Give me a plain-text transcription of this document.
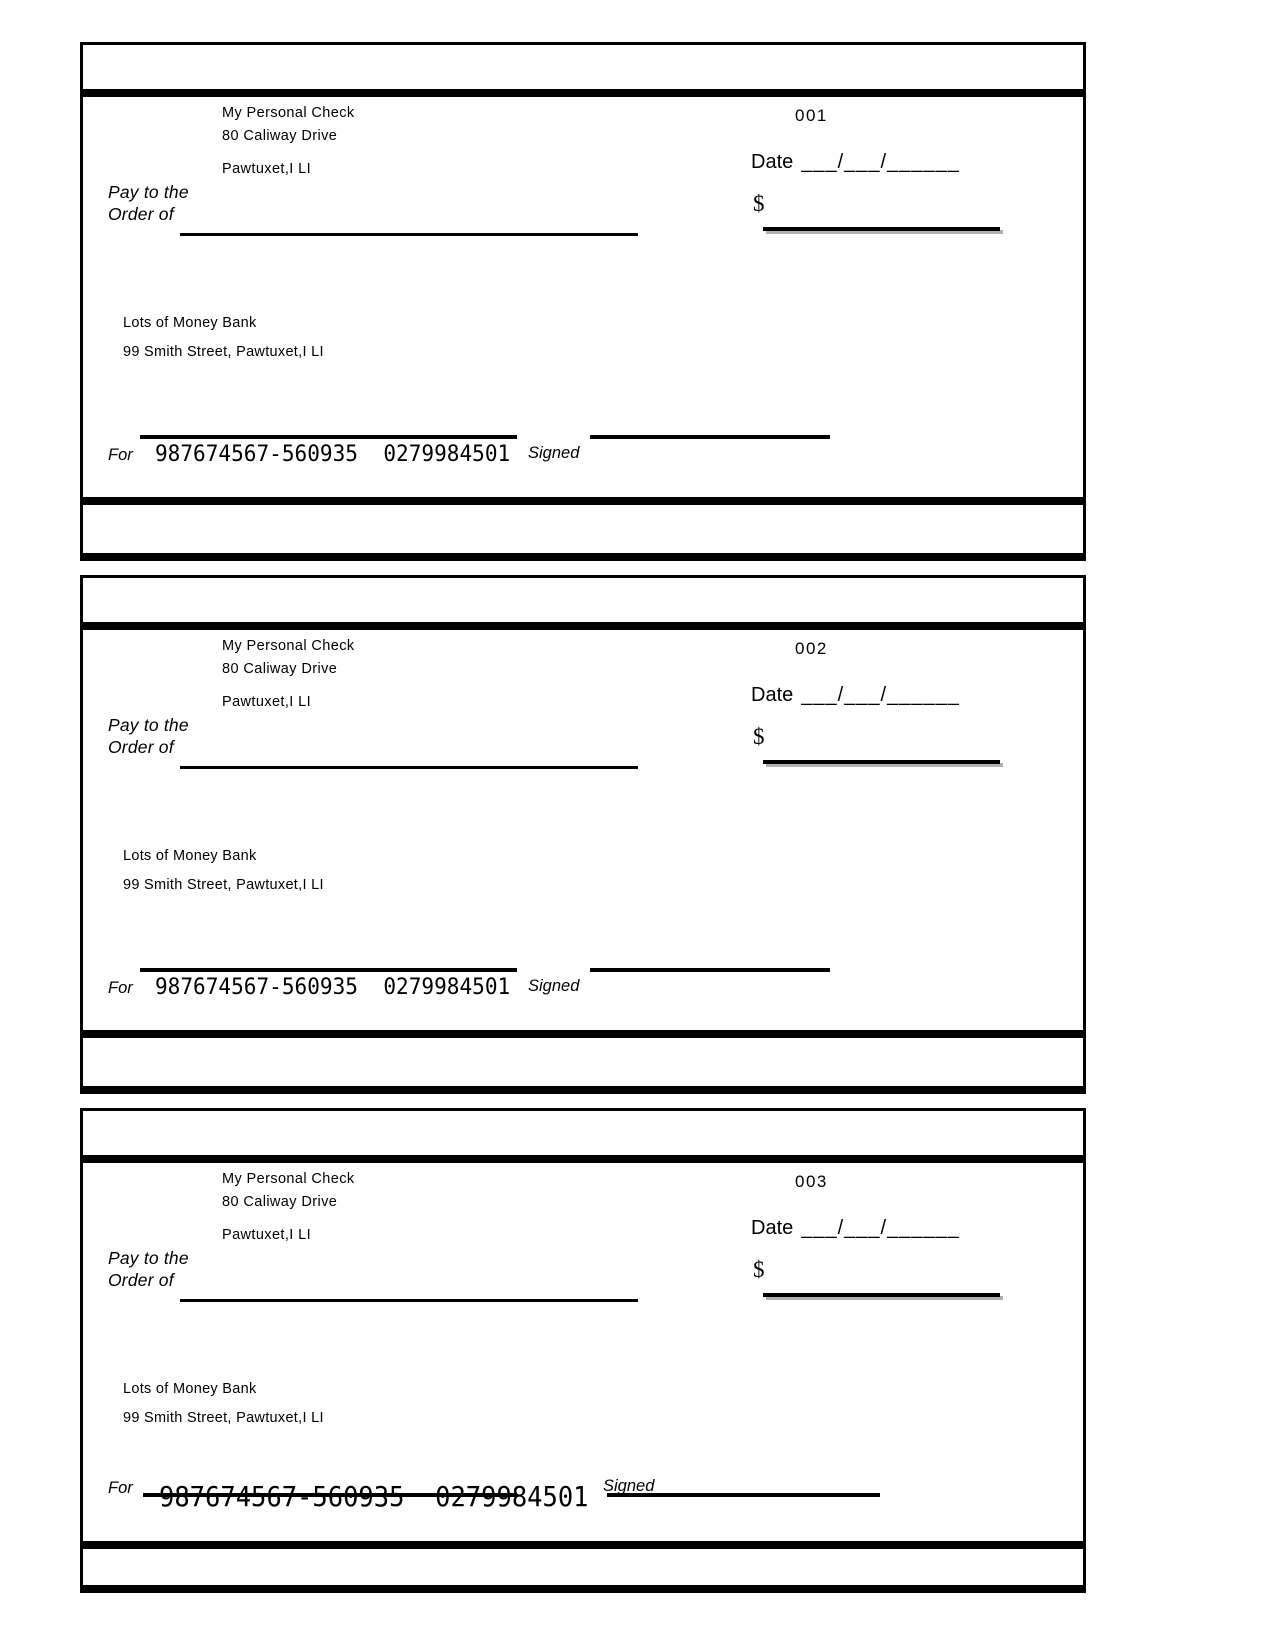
My Personal Check
80 Caliway Drive
Pawtuxet,I LI
001
Date ___/___/______
Pay to the
Order of	$
Lots of Money Bank
99 Smith Street, Pawtuxet,I LI
For 987674567-560935  0279984501 Signed
My Personal Check
80 Caliway Drive
Pawtuxet,I LI
002
Date ___/___/______
Pay to the
Order of	$
Lots of Money Bank
99 Smith Street, Pawtuxet,I LI
For 987674567-560935  0279984501 Signed
My Personal Check
80 Caliway Drive
Pawtuxet,I LI
003
Date ___/___/______
Pay to the
Order of	$
Lots of Money Bank
99 Smith Street, Pawtuxet,I LI
For 987674567-560935  0279984501 Signed
